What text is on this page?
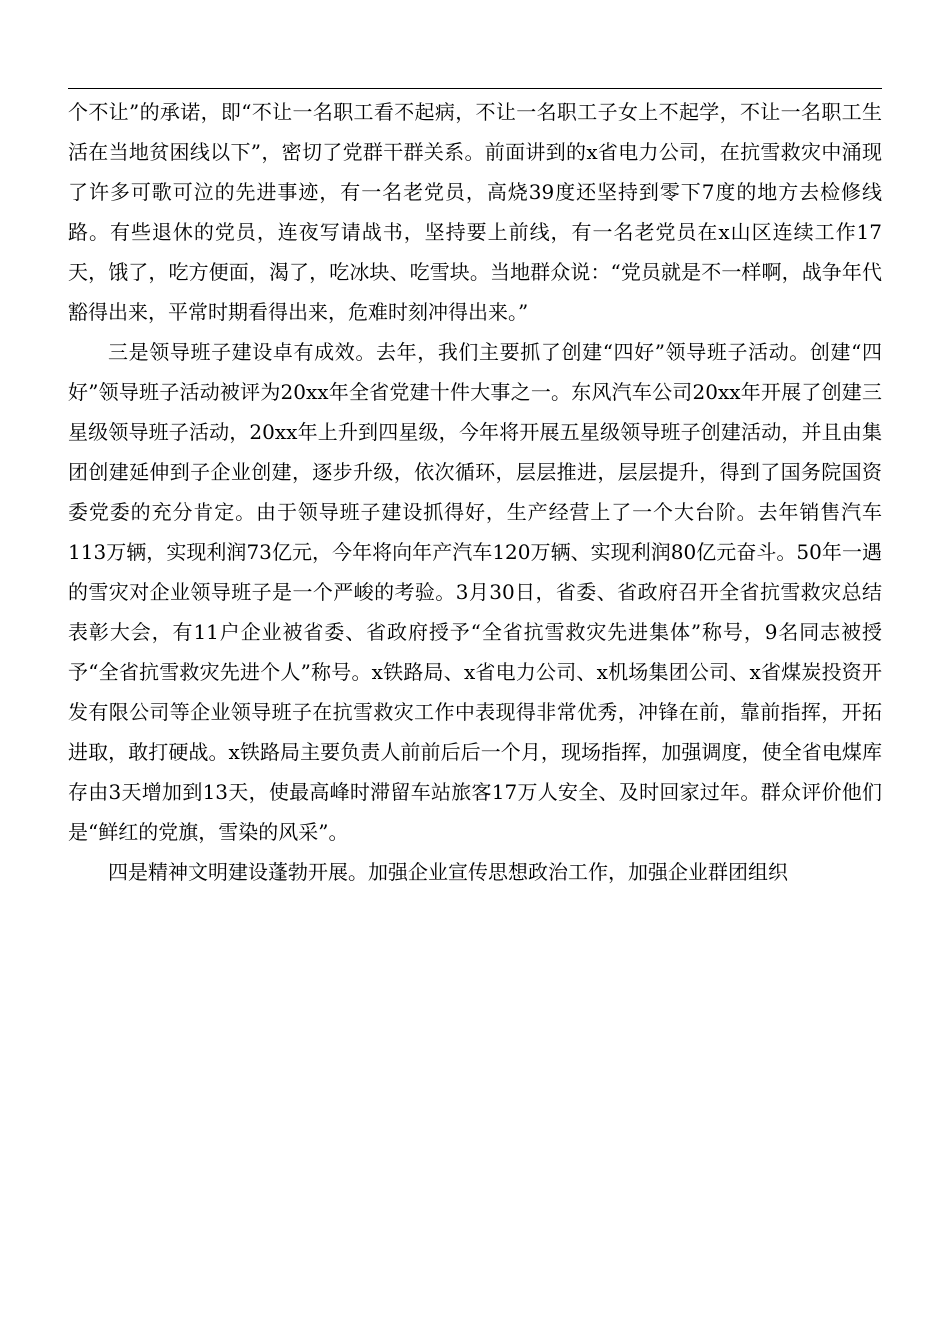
个不让”的承诺，即“不让一名职工看不起病，不让一名职工子女上不起学，不让一名职工生活在当地贫困线以下”，密切了党群干群关系。前面讲到的x省电力公司，在抗雪救灾中涌现了许多可歌可泣的先进事迹，有一名老党员，高烧39度还坚持到零下7度的地方去检修线路。有些退休的党员，连夜写请战书，坚持要上前线，有一名老党员在x山区连续工作17天，饿了，吃方便面，渴了，吃冰块、吃雪块。当地群众说：“党员就是不一样啊，战争年代豁得出来，平常时期看得出来，危难时刻冲得出来。”

三是领导班子建设卓有成效。去年，我们主要抓了创建“四好”领导班子活动。创建“四好”领导班子活动被评为20xx年全省党建十件大事之一。东风汽车公司20xx年开展了创建三星级领导班子活动，20xx年上升到四星级，今年将开展五星级领导班子创建活动，并且由集团创建延伸到子企业创建，逐步升级，依次循环，层层推进，层层提升，得到了国务院国资委党委的充分肯定。由于领导班子建设抓得好，生产经营上了一个大台阶。去年销售汽车113万辆，实现利润73亿元，今年将向年产汽车120万辆、实现利润80亿元奋斗。50年一遇的雪灾对企业领导班子是一个严峻的考验。3月30日，省委、省政府召开全省抗雪救灾总结表彰大会，有11户企业被省委、省政府授予“全省抗雪救灾先进集体”称号，9名同志被授予“全省抗雪救灾先进个人”称号。x铁路局、x省电力公司、x机场集团公司、x省煤炭投资开发有限公司等企业领导班子在抗雪救灾工作中表现得非常优秀，冲锋在前，靠前指挥，开拓进取，敢打硬战。x铁路局主要负责人前前后后一个月，现场指挥，加强调度，使全省电煤库存由3天增加到13天，使最高峰时滞留车站旅客17万人安全、及时回家过年。群众评价他们是“鲜红的党旗，雪染的风采”。

四是精神文明建设蓬勃开展。加强企业宣传思想政治工作，加强企业群团组织
